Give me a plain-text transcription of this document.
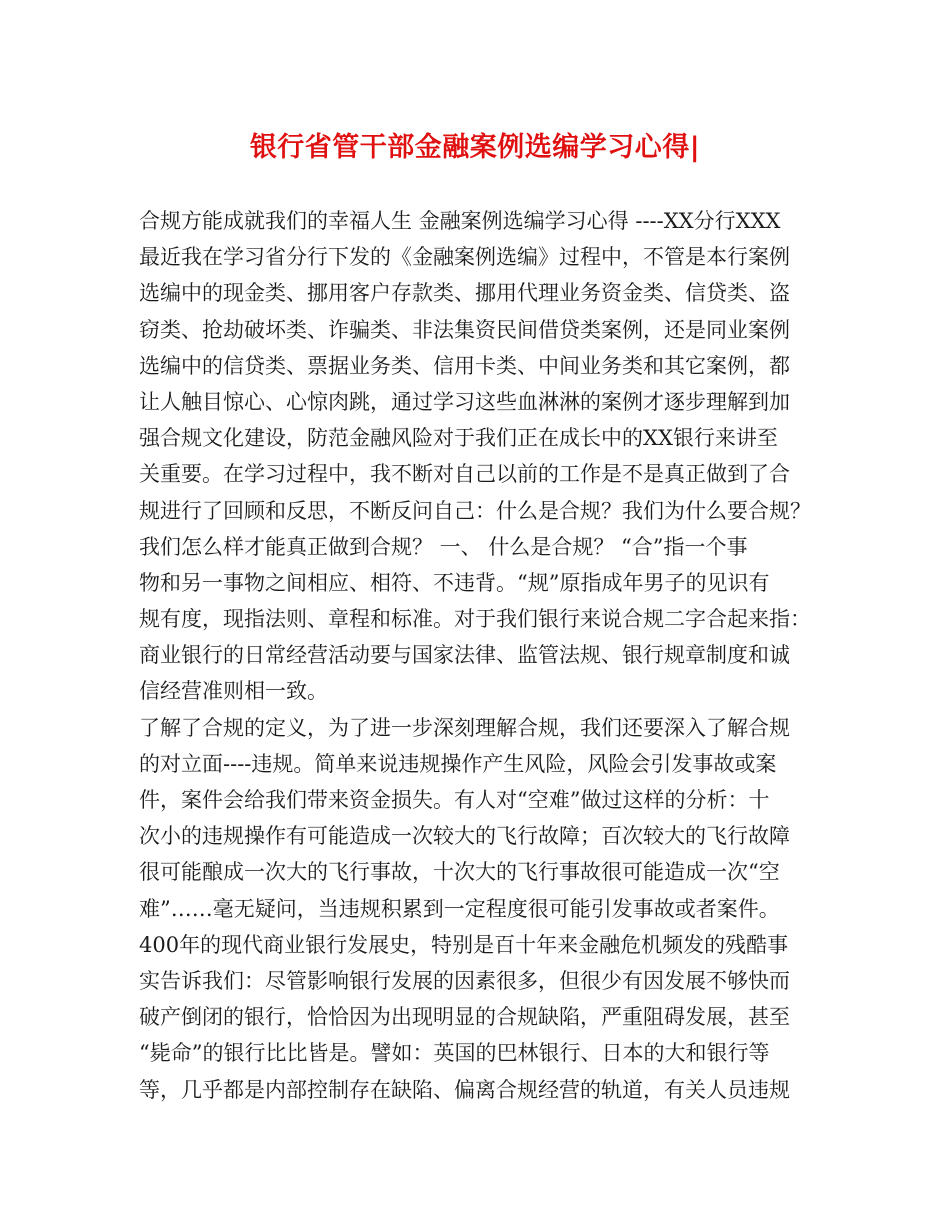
银行省管干部金融案例选编学习心得|
合规方能成就我们的幸福人生 金融案例选编学习心得 ----XX分行XXX
最近我在学习省分行下发的《金融案例选编》过程中，不管是本行案例
选编中的现金类、挪用客户存款类、挪用代理业务资金类、信贷类、盗
窃类、抢劫破坏类、诈骗类、非法集资民间借贷类案例，还是同业案例
选编中的信贷类、票据业务类、信用卡类、中间业务类和其它案例，都
让人触目惊心、心惊肉跳，通过学习这些血淋淋的案例才逐步理解到加
强合规文化建设，防范金融风险对于我们正在成长中的XX银行来讲至
关重要。在学习过程中，我不断对自己以前的工作是不是真正做到了合
规进行了回顾和反思，不断反问自己：什么是合规？我们为什么要合规？
我们怎么样才能真正做到合规？ 一、 什么是合规？ “合”指一个事
物和另一事物之间相应、相符、不违背。“规”原指成年男子的见识有
规有度，现指法则、章程和标准。对于我们银行来说合规二字合起来指：
商业银行的日常经营活动要与国家法律、监管法规、银行规章制度和诚
信经营准则相一致。
了解了合规的定义，为了进一步深刻理解合规，我们还要深入了解合规
的对立面----违规。简单来说违规操作产生风险，风险会引发事故或案
件，案件会给我们带来资金损失。有人对“空难”做过这样的分析：十
次小的违规操作有可能造成一次较大的飞行故障；百次较大的飞行故障
很可能酿成一次大的飞行事故，十次大的飞行事故很可能造成一次“空
难”……毫无疑问，当违规积累到一定程度很可能引发事故或者案件。
400年的现代商业银行发展史，特别是百十年来金融危机频发的残酷事
实告诉我们：尽管影响银行发展的因素很多，但很少有因发展不够快而
破产倒闭的银行，恰恰因为出现明显的合规缺陷，严重阻碍发展，甚至
“毙命”的银行比比皆是。譬如：英国的巴林银行、日本的大和银行等
等，几乎都是内部控制存在缺陷、偏离合规经营的轨道，有关人员违规
